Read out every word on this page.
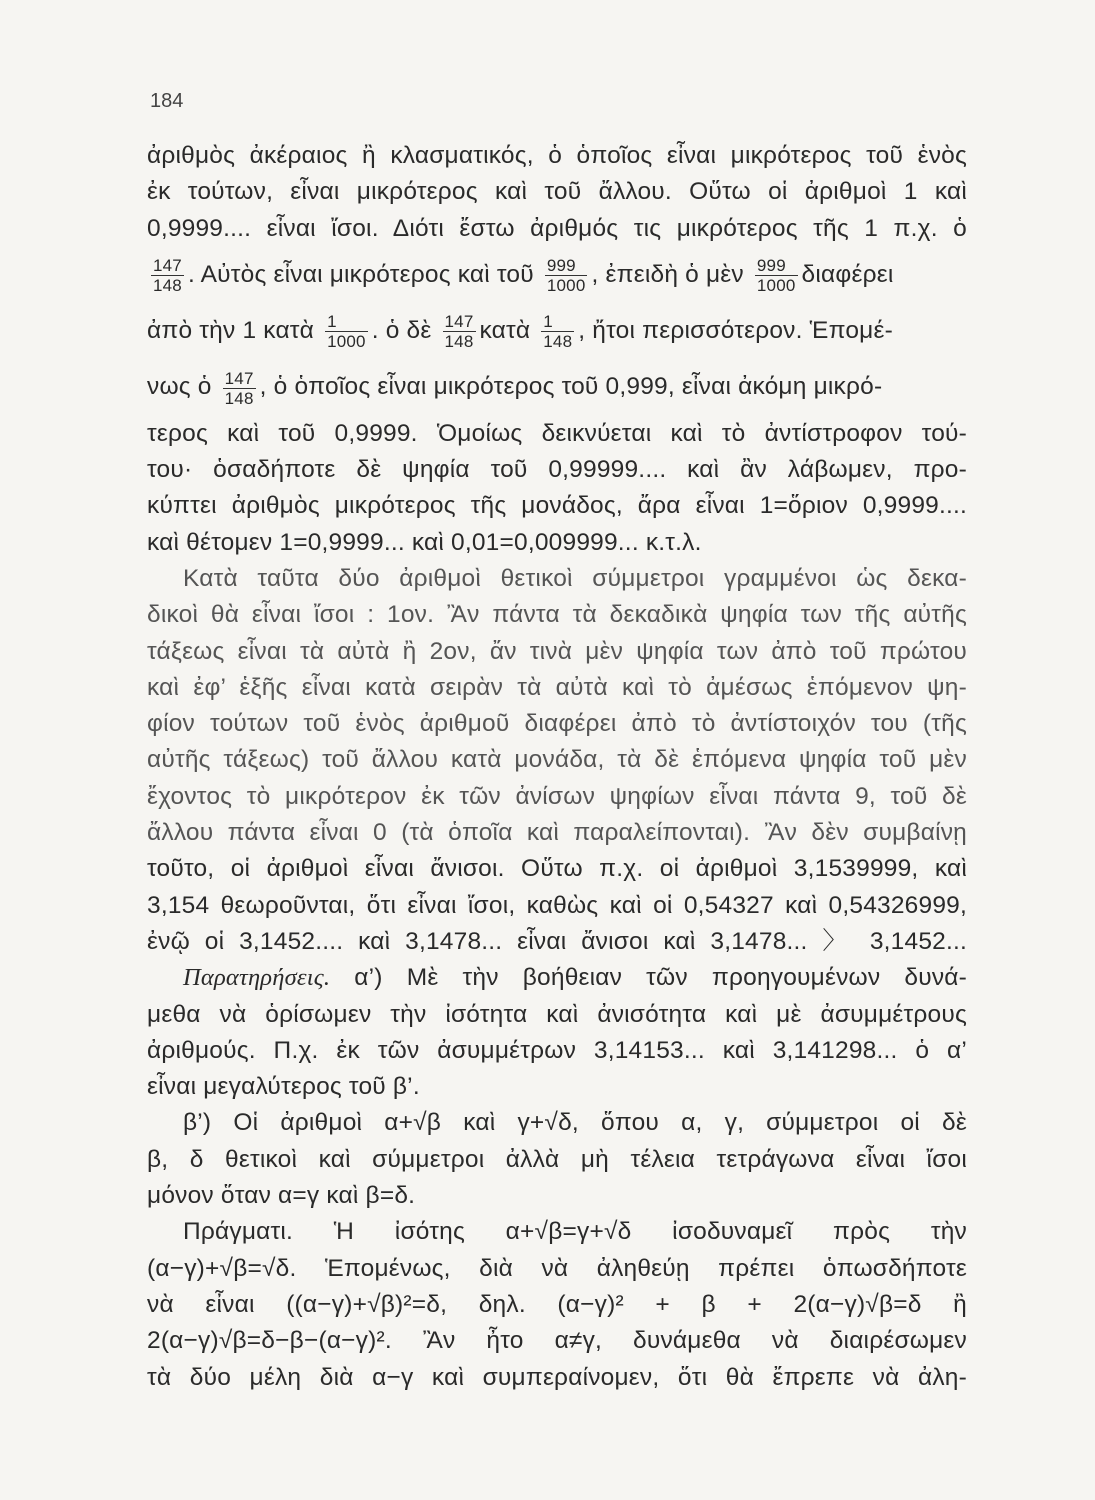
184
ἀριθμὸς ἀκέραιος ἢ κλασματικός, ὁ ὁποῖος εἶναι μικρότερος τοῦ ἑνὸς
ἐκ τούτων, εἶναι μικρότερος καὶ τοῦ ἄλλου. Οὕτω οἱ ἀριθμοὶ 1 καὶ
0,9999.... εἶναι ἴσοι. Διότι ἔστω ἀριθμός τις μικρότερος τῆς 1 π.χ. ὁ
$\frac{147}{148}$ . Αὐτὸς εἶναι μικρότερος καὶ τοῦ $\frac{999}{1000}$ , ἐπειδὴ ὁ μὲν $\frac{999}{1000}$ διαφέρει
ἀπὸ τὴν 1 κατὰ $\frac{1}{1000}$ . ὁ δὲ $\frac{147}{148}$ κατὰ $\frac{1}{148}$ , ἤτοι περισσότερον. Ἑπομέ-
νως ὁ $\frac{147}{148}$ , ὁ ὁποῖος εἶναι μικρότερος τοῦ 0,999, εἶναι ἀκόμη μικρό-
τερος καὶ τοῦ 0,9999. Ὁμοίως δεικνύεται καὶ τὸ ἀντίστροφον τού-
του· ὁσαδήποτε δὲ ψηφία τοῦ 0,99999.... καὶ ἂν λάβωμεν, προ-
κύπτει ἀριθμὸς μικρότερος τῆς μονάδος, ἄρα εἶναι 1=ὅριον 0,9999....
καὶ θέτομεν 1=0,9999... καὶ 0,01=0,009999... κ.τ.λ.
Κατὰ ταῦτα δύο ἀριθμοὶ θετικοὶ σύμμετροι γραμμένοι ὡς δεκα-
δικοὶ θὰ εἶναι ἴσοι : 1ον. Ἂν πάντα τὰ δεκαδικὰ ψηφία των τῆς αὐτῆς
τάξεως εἶναι τὰ αὐτὰ ἢ 2ον, ἄν τινὰ μὲν ψηφία των ἀπὸ τοῦ πρώτου
καὶ ἐφ’ ἑξῆς εἶναι κατὰ σειρὰν τὰ αὐτὰ καὶ τὸ ἀμέσως ἑπόμενον ψη-
φίον τούτων τοῦ ἑνὸς ἀριθμοῦ διαφέρει ἀπὸ τὸ ἀντίστοιχόν του (τῆς
αὐτῆς τάξεως) τοῦ ἄλλου κατὰ μονάδα, τὰ δὲ ἑπόμενα ψηφία τοῦ μὲν
ἔχοντος τὸ μικρότερον ἐκ τῶν ἀνίσων ψηφίων εἶναι πάντα 9, τοῦ δὲ
ἄλλου πάντα εἶναι 0 (τὰ ὁποῖα καὶ παραλείπονται). Ἂν δὲν συμβαίνῃ
τοῦτο, οἱ ἀριθμοὶ εἶναι ἄνισοι. Οὕτω π.χ. οἱ ἀριθμοὶ 3,1539999, καὶ
3,154 θεωροῦνται, ὅτι εἶναι ἴσοι, καθὼς καὶ οἱ 0,54327 καὶ 0,54326999,
ἐνῷ οἱ 3,1452.... καὶ 3,1478... εἶναι ἄνισοι καὶ 3,1478... 〉 3,1452...
Παρατηρήσεις. α’) Μὲ τὴν βοήθειαν τῶν προηγουμένων δυνά-
μεθα νὰ ὁρίσωμεν τὴν ἰσότητα καὶ ἀνισότητα καὶ μὲ ἀσυμμέτρους
ἀριθμούς. Π.χ. ἐκ τῶν ἀσυμμέτρων 3,14153... καὶ 3,141298... ὁ α’
εἶναι μεγαλύτερος τοῦ β’.
β’) Οἱ ἀριθμοὶ α+√β καὶ γ+√δ, ὅπου α, γ, σύμμετροι οἱ δὲ
β, δ θετικοὶ καὶ σύμμετροι ἀλλὰ μὴ τέλεια τετράγωνα εἶναι ἴσοι
μόνον ὅταν α=γ καὶ β=δ.
Πράγματι. Ἡ ἰσότης α+√β=γ+√δ ἰσοδυναμεῖ πρὸς τὴν
(α−γ)+√β=√δ. Ἑπομένως, διὰ νὰ ἀληθεύῃ πρέπει ὁπωσδήποτε
νὰ εἶναι ((α−γ)+√β)²=δ, δηλ. (α−γ)² + β + 2(α−γ)√β=δ ἢ
2(α−γ)√β=δ−β−(α−γ)². Ἂν ἦτο α≠γ, δυνάμεθα νὰ διαιρέσωμεν
τὰ δύο μέλη διὰ α−γ καὶ συμπεραίνομεν, ὅτι θὰ ἔπρεπε νὰ ἀλη-
